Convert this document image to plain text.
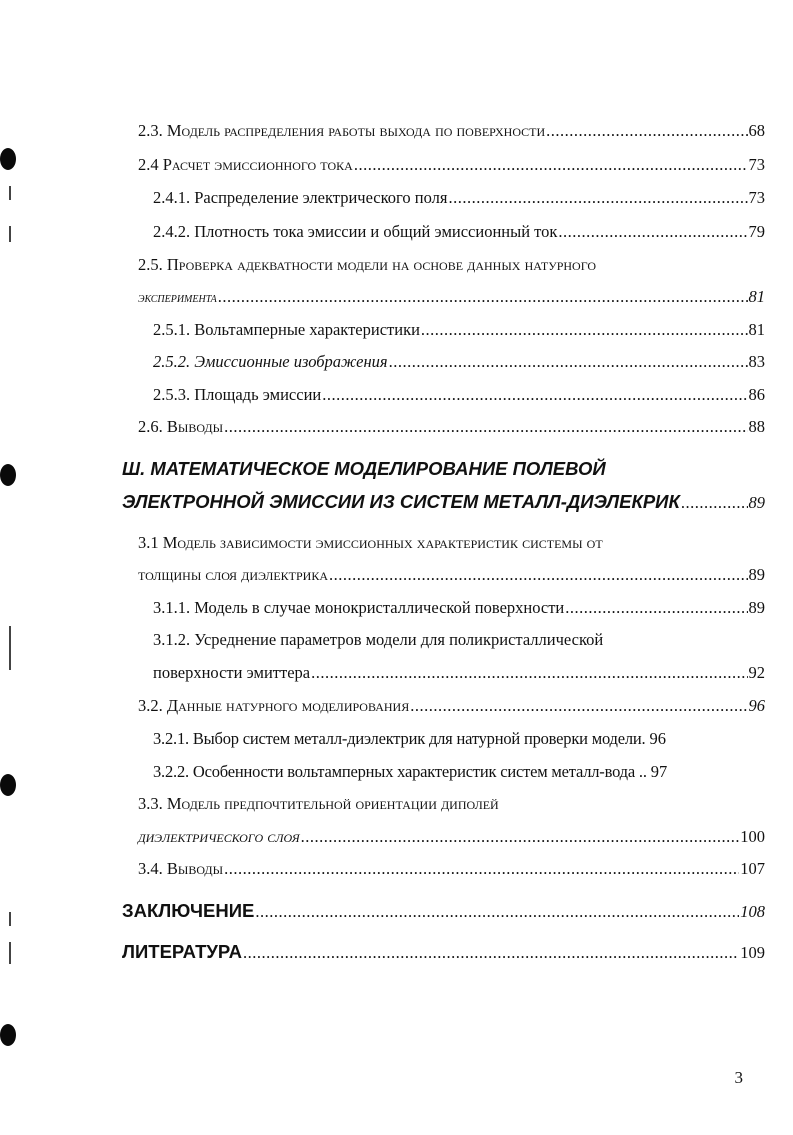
2.3. Модель распределения работы выхода по поверхности .....	68
2.4 Расчет эмиссионного тока .....	73
2.4.1. Распределение электрического поля .....	73
2.4.2. Плотность тока эмиссии и общий эмиссионный ток .....	79
2.5. Проверка адекватности модели на основе данных натурного
эксперимента .....	81
2.5.1. Вольтамперные характеристики .....	81
2.5.2. Эмиссионные изображения .....	83
2.5.3. Площадь эмиссии .....	86
2.6. Выводы .....	88
Ш. МАТЕМАТИЧЕСКОЕ МОДЕЛИРОВАНИЕ ПОЛЕВОЙ
ЭЛЕКТРОННОЙ ЭМИССИИ ИЗ СИСТЕМ МЕТАЛЛ-ДИЭЛЕКРИК .....	89
3.1 Модель зависимости эмиссионных характеристик системы от
толщины слоя диэлектрика .....	89
3.1.1. Модель в случае монокристаллической поверхности .....	89
3.1.2. Усреднение параметров модели для поликристаллической
поверхности эмиттера .....	92
3.2. Данные натурного моделирования .....	96
3.2.1. Выбор систем металл-диэлектрик для натурной проверки модели. 96
3.2.2. Особенности вольтамперных характеристик систем металл-вода .. 97
3.3. Модель предпочтительной ориентации диполей
диэлектрического слоя .....	100
3.4. Выводы .....	107
ЗАКЛЮЧЕНИЕ .....	108
ЛИТЕРАТУРА .....	109
3
